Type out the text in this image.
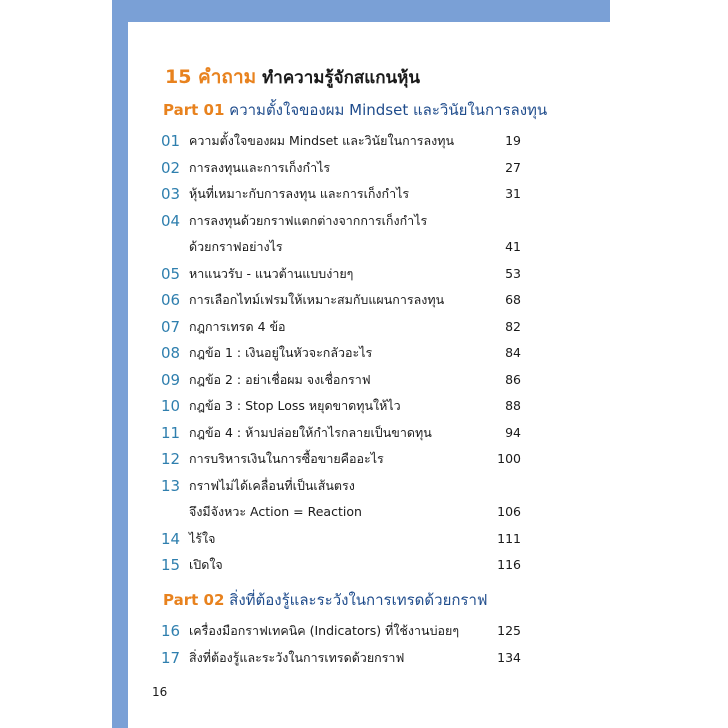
15 คำถาม ทำความรู้จักสแกนหุ้น
Part 01 ความตั้งใจของผม Mindset และวินัยในการลงทุน
01 ความตั้งใจของผม Mindset และวินัยในการลงทุน	19
02 การลงทุนและการเก็งกำไร	27
03 หุ้นที่เหมาะกับการลงทุน และการเก็งกำไร	31
04 การลงทุนด้วยกราฟแตกต่างจากการเก็งกำไร
ด้วยกราฟอย่างไร	41
05 หาแนวรับ - แนวต้านแบบง่ายๆ	53
06 การเลือกไทม์เฟรมให้เหมาะสมกับแผนการลงทุน	68
07 กฎการเทรด 4 ข้อ	82
08 กฎข้อ 1 : เงินอยู่ในหัวจะกลัวอะไร	84
09 กฎข้อ 2 : อย่าเชื่อผม จงเชื่อกราฟ	86
10 กฎข้อ 3 : Stop Loss หยุดขาดทุนให้ไว	88
11 กฎข้อ 4 : ห้ามปล่อยให้กำไรกลายเป็นขาดทุน	94
12 การบริหารเงินในการซื้อขายคืออะไร	100
13 กราฟไม่ได้เคลื่อนที่เป็นเส้นตรง
จึงมีจังหวะ Action = Reaction	106
14 ไร้ใจ	111
15 เปิดใจ	116
Part 02 สิ่งที่ต้องรู้และระวังในการเทรดด้วยกราฟ
16 เครื่องมือกราฟเทคนิค (Indicators) ที่ใช้งานบ่อยๆ	125
17 สิ่งที่ต้องรู้และระวังในการเทรดด้วยกราฟ	134
16
